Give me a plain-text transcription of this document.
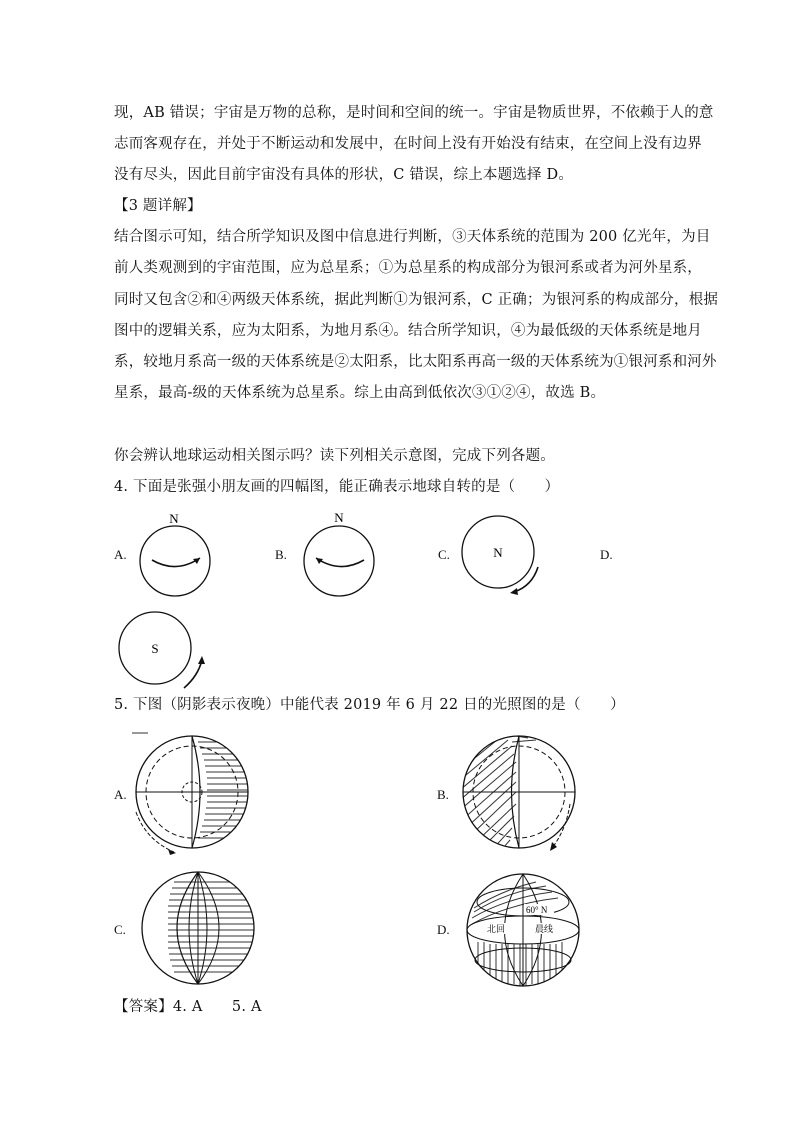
现，AB 错误；宇宙是万物的总称，是时间和空间的统一。宇宙是物质世界，不依赖于人的意
志而客观存在，并处于不断运动和发展中，在时间上没有开始没有结束，在空间上没有边界
没有尽头，因此目前宇宙没有具体的形状，C 错误，综上本题选择 D。
【3 题详解】
结合图示可知，结合所学知识及图中信息进行判断，③天体系统的范围为 200 亿光年，为目
前人类观测到的宇宙范围，应为总星系；①为总星系的构成部分为银河系或者为河外星系，
同时又包含②和④两级天体系统，据此判断①为银河系，C 正确；为银河系的构成部分，根据
图中的逻辑关系，应为太阳系，为地月系④。结合所学知识，④为最低级的天体系统是地月
系，较地月系高一级的天体系统是②太阳系，比太阳系再高一级的天体系统为①银河系和河外
星系，最高-级的天体系统为总星系。综上由高到低依次③①②④，故选 B。
你会辨认地球运动相关图示吗？读下列相关示意图，完成下列各题。
4. 下面是张强小朋友画的四幅图，能正确表示地球自转的是（　　）
A.
N
B.
N
C.	N	D.
S
5. 下图（阴影表示夜晚）中能代表 2019 年 6 月 22 日的光照图的是（　　）
A.	B.
C.	D.
60° N
北回	晨线
【答案】4. A　　5. A
